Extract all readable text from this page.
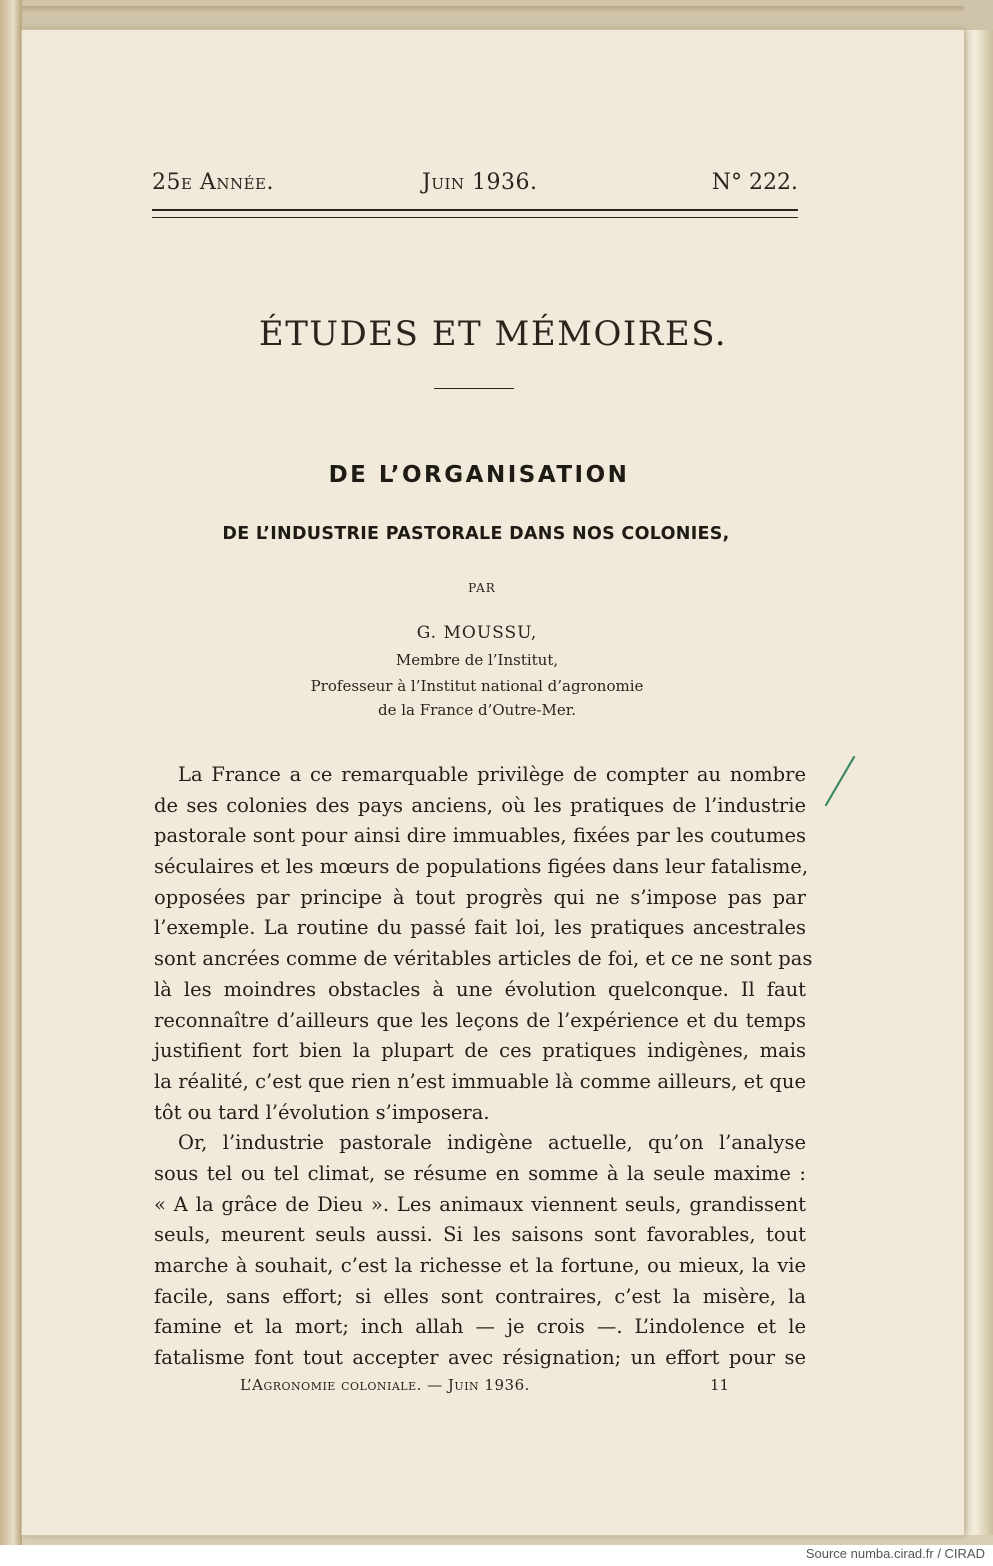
25e Année.	Juin 1936.	N° 222.
ÉTUDES ET MÉMOIRES.
DE L’ORGANISATION
DE L’INDUSTRIE PASTORALE DANS NOS COLONIES,
PAR
G. MOUSSU,
Membre de l’Institut,
Professeur à l’Institut national d’agronomie
de la France d’Outre-Mer.
La France a ce remarquable privilège de compter au nombre
de ses colonies des pays anciens, où les pratiques de l’industrie
pastorale sont pour ainsi dire immuables, fixées par les coutumes
séculaires et les mœurs de populations figées dans leur fatalisme,
opposées par principe à tout progrès qui ne s’impose pas par
l’exemple. La routine du passé fait loi, les pratiques ancestrales
sont ancrées comme de véritables articles de foi, et ce ne sont pas
là les moindres obstacles à une évolution quelconque. Il faut
reconnaître d’ailleurs que les leçons de l’expérience et du temps
justifient fort bien la plupart de ces pratiques indigènes, mais
la réalité, c’est que rien n’est immuable là comme ailleurs, et que
tôt ou tard l’évolution s’imposera.
Or, l’industrie pastorale indigène actuelle, qu’on l’analyse
sous tel ou tel climat, se résume en somme à la seule maxime :
« A la grâce de Dieu ». Les animaux viennent seuls, grandissent
seuls, meurent seuls aussi. Si les saisons sont favorables, tout
marche à souhait, c’est la richesse et la fortune, ou mieux, la vie
facile, sans effort; si elles sont contraires, c’est la misère, la
famine et la mort; inch allah — je crois —. L’indolence et le
fatalisme font tout accepter avec résignation; un effort pour se
L’Agronomie coloniale. — Juin 1936.	11
Source numba.cirad.fr / CIRAD
